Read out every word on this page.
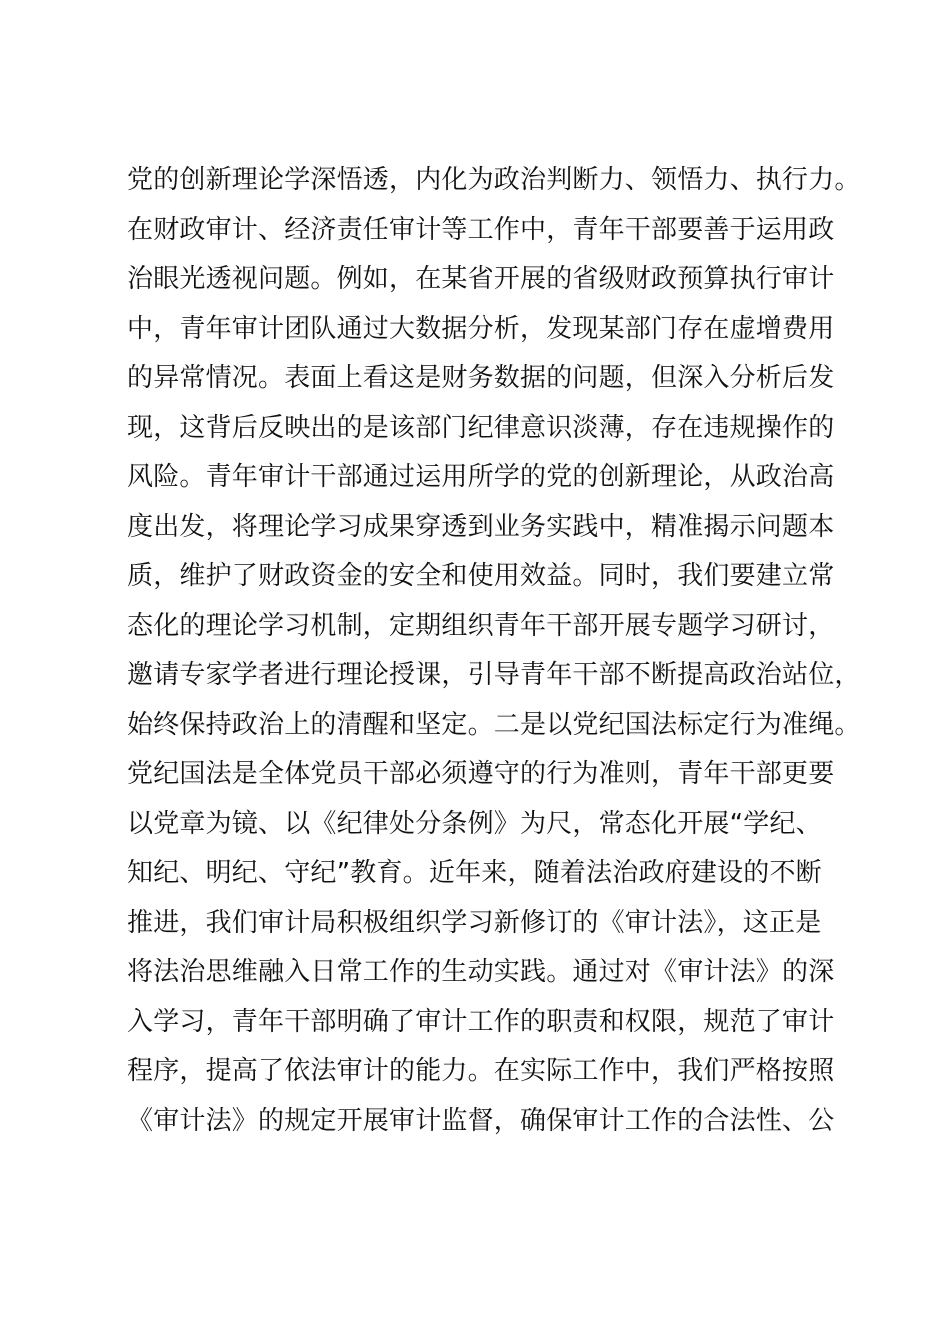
党的创新理论学深悟透，内化为政治判断力、领悟力、执行力。
在财政审计、经济责任审计等工作中，青年干部要善于运用政
治眼光透视问题。例如，在某省开展的省级财政预算执行审计
中，青年审计团队通过大数据分析，发现某部门存在虚增费用
的异常情况。表面上看这是财务数据的问题，但深入分析后发
现，这背后反映出的是该部门纪律意识淡薄，存在违规操作的
风险。青年审计干部通过运用所学的党的创新理论，从政治高
度出发，将理论学习成果穿透到业务实践中，精准揭示问题本
质，维护了财政资金的安全和使用效益。同时，我们要建立常
态化的理论学习机制，定期组织青年干部开展专题学习研讨，
邀请专家学者进行理论授课，引导青年干部不断提高政治站位，
始终保持政治上的清醒和坚定。二是以党纪国法标定行为准绳。
党纪国法是全体党员干部必须遵守的行为准则，青年干部更要
以党章为镜、以《纪律处分条例》为尺，常态化开展“学纪、
知纪、明纪、守纪”教育。近年来，随着法治政府建设的不断
推进，我们审计局积极组织学习新修订的《审计法》，这正是
将法治思维融入日常工作的生动实践。通过对《审计法》的深
入学习，青年干部明确了审计工作的职责和权限，规范了审计
程序，提高了依法审计的能力。在实际工作中，我们严格按照
《审计法》的规定开展审计监督，确保审计工作的合法性、公
